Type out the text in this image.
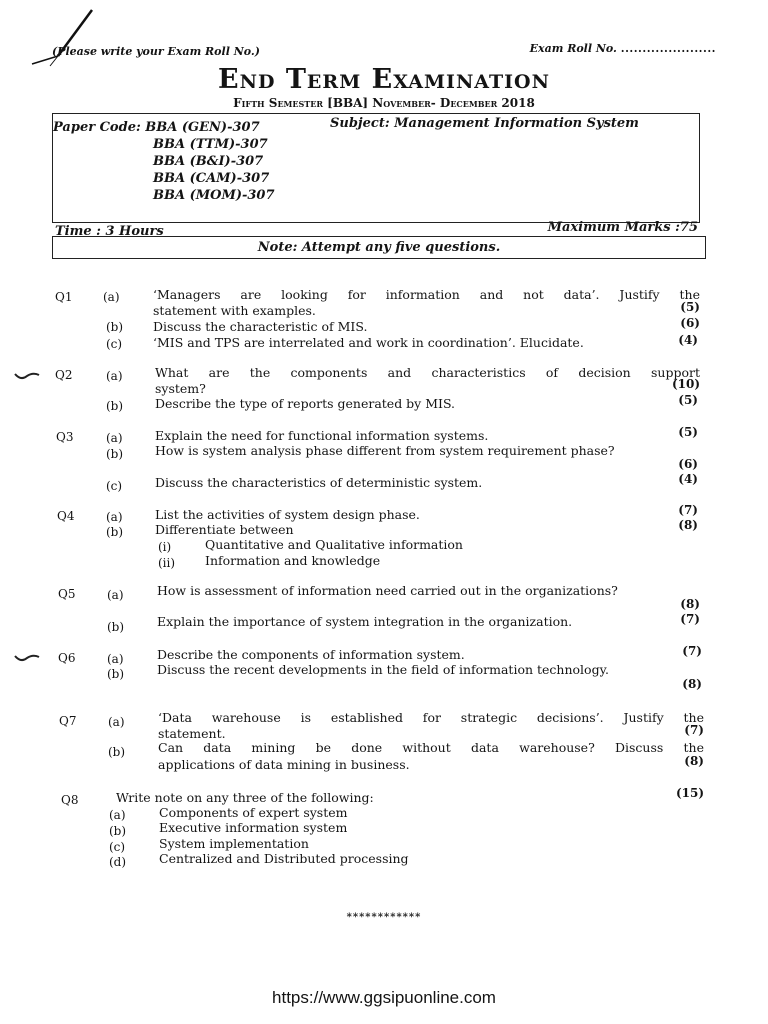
(Please write your Exam Roll No.)	Exam Roll No. ......................
End Term Examination
Fifth Semester [BBA] November- December 2018
Paper Code: BBA (GEN)-307
BBA (TTM)-307
BBA (B&I)-307
BBA (CAM)-307
BBA (MOM)-307
Subject: Management Information System
Time : 3 Hours	Maximum Marks :75
Note: Attempt any five questions.
Q1	(a)	‘Managers are looking for information and not data’. Justify the
statement with examples.	(5)
(b) Discuss the characteristic of MIS.	(6)
(c) ‘MIS and TPS are interrelated and work in coordination’. Elucidate.	(4)
Q2	(a)	What are the components and characteristics of decision support
system?	(10)
(b)	Describe the type of reports generated by MIS.	(5)
Q3	(a)	Explain the need for functional information systems.	(5)
(b)	How is system analysis phase different from system requirement phase?
(6)
(c)	Discuss the characteristics of deterministic system.	(4)
Q4	(a)	List the activities of system design phase.	(7)
(b)	Differentiate between	(8)
(i)	Quantitative and Qualitative information
(ii) Information and knowledge
Q5	(a)	How is assessment of information need carried out in the organizations?
(8)
(b)	Explain the importance of system integration in the organization.	(7)
Q6	(a)	Describe the components of information system.	(7)
(b)	Discuss the recent developments in the field of information technology.
(8)
Q7	(a)	‘Data warehouse is established for strategic decisions’. Justify the
statement.	(7)
(b)	Can data mining be done without data warehouse? Discuss the
applications of data mining in business.	(8)
Q8	Write note on any three of the following:	(15)
(a)	Components of expert system
(b)	Executive information system
(c)	System implementation
(d)	Centralized and Distributed processing
************
https://www.ggsipuonline.com
